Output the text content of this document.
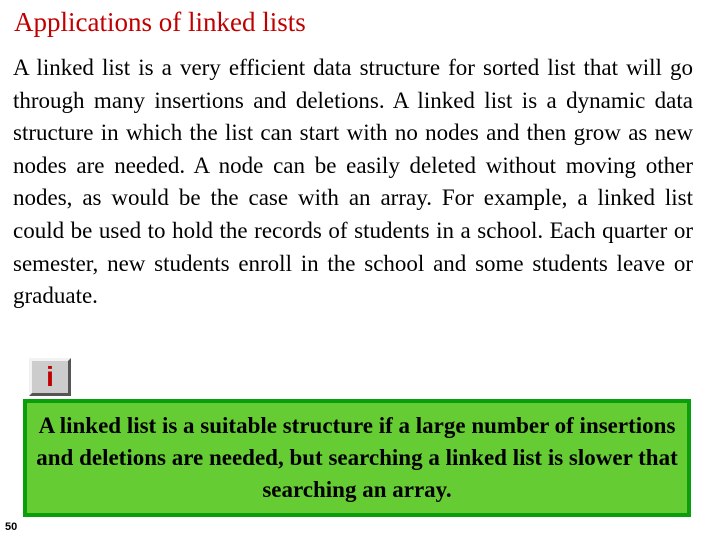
Applications of linked lists

A linked list is a very efficient data structure for sorted list that will go through many insertions and deletions. A linked list is a dynamic data structure in which the list can start with no nodes and then grow as new nodes are needed. A node can be easily deleted without moving other nodes, as would be the case with an array. For example, a linked list could be used to hold the records of students in a school. Each quarter or semester, new students enroll in the school and some students leave or graduate.

i

A linked list is a suitable structure if a large number of insertions and deletions are needed, but searching a linked list is slower that searching an array.

50
